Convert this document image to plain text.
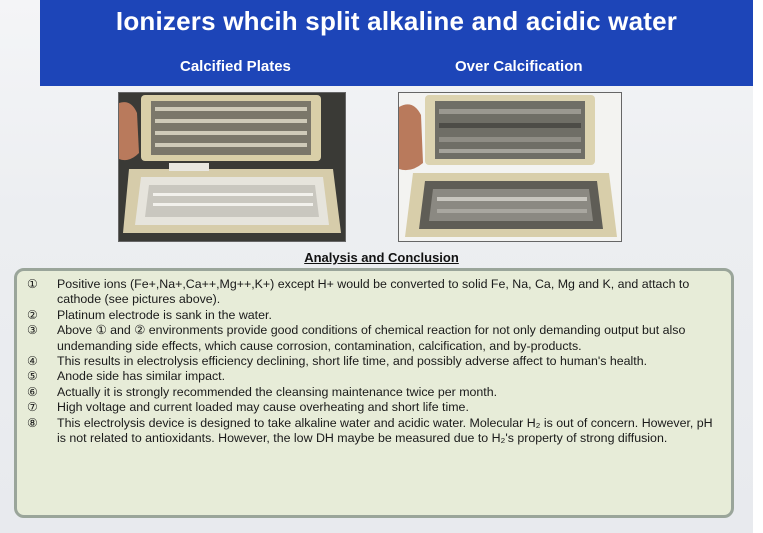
Ionizers whcih split alkaline and acidic water
Calcified Plates	Over Calcification
Analysis and Conclusion
①	Positive ions (Fe+,Na+,Ca++,Mg++,K+) except H+ would be converted to solid Fe, Na, Ca, Mg and K, and attach to cathode (see pictures above).
②	Platinum electrode is sank in the water.
③	Above ① and ② environments provide good conditions of chemical reaction for not only demanding output but also undemanding side effects, which cause corrosion, contamination, calcification, and by-products.
④	This results in electrolysis efficiency declining, short life time, and possibly adverse affect to human's health.
⑤	Anode side has similar impact.
⑥	Actually it is strongly recommended the cleansing maintenance twice per month.
⑦	High voltage and current loaded may cause overheating and short life time.
⑧	This electrolysis device is designed to take alkaline water and acidic water. Molecular H₂ is out of concern. However, pH is not related to antioxidants. However, the low DH maybe be measured due to H₂'s property of strong diffusion.
